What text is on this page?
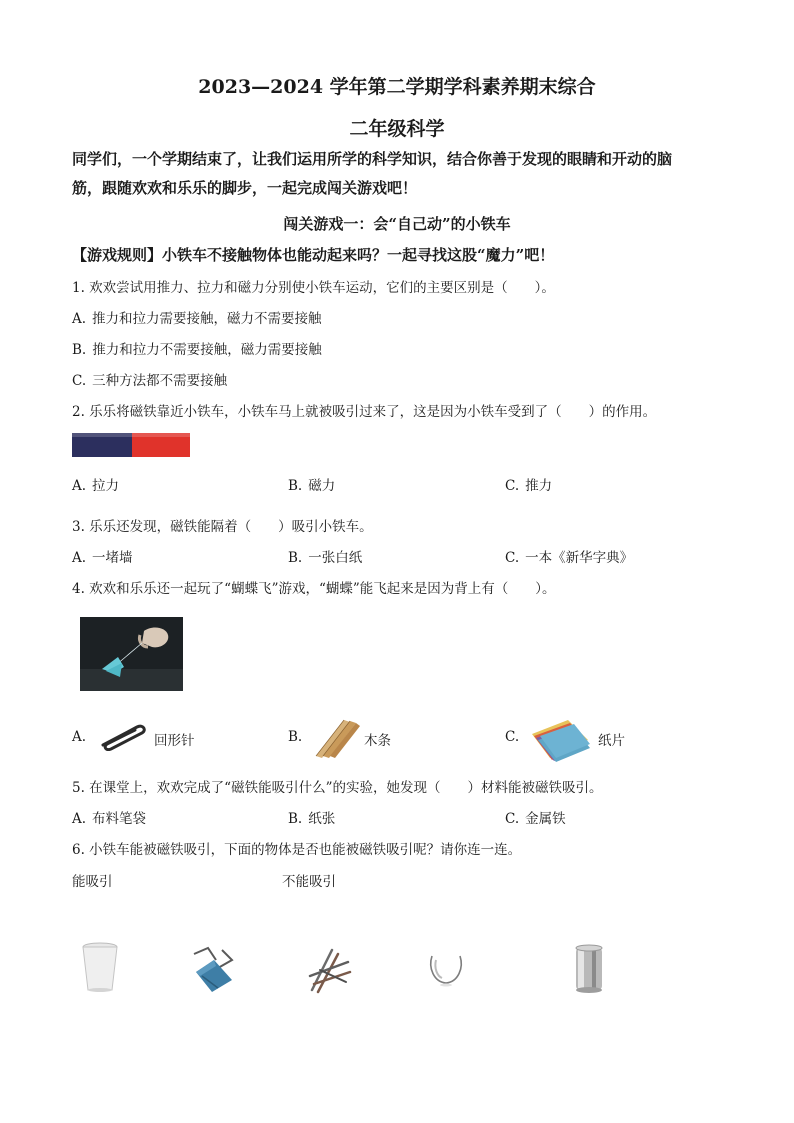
2023—2024 学年第二学期学科素养期末综合
二年级科学
同学们，一个学期结束了，让我们运用所学的科学知识，结合你善于发现的眼睛和开动的脑
筋，跟随欢欢和乐乐的脚步，一起完成闯关游戏吧！
闯关游戏一：会“自己动”的小铁车
【游戏规则】小铁车不接触物体也能动起来吗？一起寻找这股“魔力”吧！
1. 欢欢尝试用推力、拉力和磁力分别使小铁车运动，它们的主要区别是（　　）。
A. 推力和拉力需要接触，磁力不需要接触
B. 推力和拉力不需要接触，磁力需要接触
C. 三种方法都不需要接触
2. 乐乐将磁铁靠近小铁车，小铁车马上就被吸引过来了，这是因为小铁车受到了（　　）的作用。
A. 拉力	B. 磁力	C. 推力
3. 乐乐还发现，磁铁能隔着（　　）吸引小铁车。
A. 一堵墙	B. 一张白纸	C. 一本《新华字典》
4. 欢欢和乐乐还一起玩了“蝴蝶飞”游戏，“蝴蝶”能飞起来是因为背上有（　　）。
A.	回形针	B.	木条	C.	纸片
5. 在课堂上，欢欢完成了“磁铁能吸引什么”的实验，她发现（　　）材料能被磁铁吸引。
A. 布料笔袋	B. 纸张	C. 金属铁
6. 小铁车能被磁铁吸引，下面的物体是否也能被磁铁吸引呢？请你连一连。
能吸引	不能吸引
